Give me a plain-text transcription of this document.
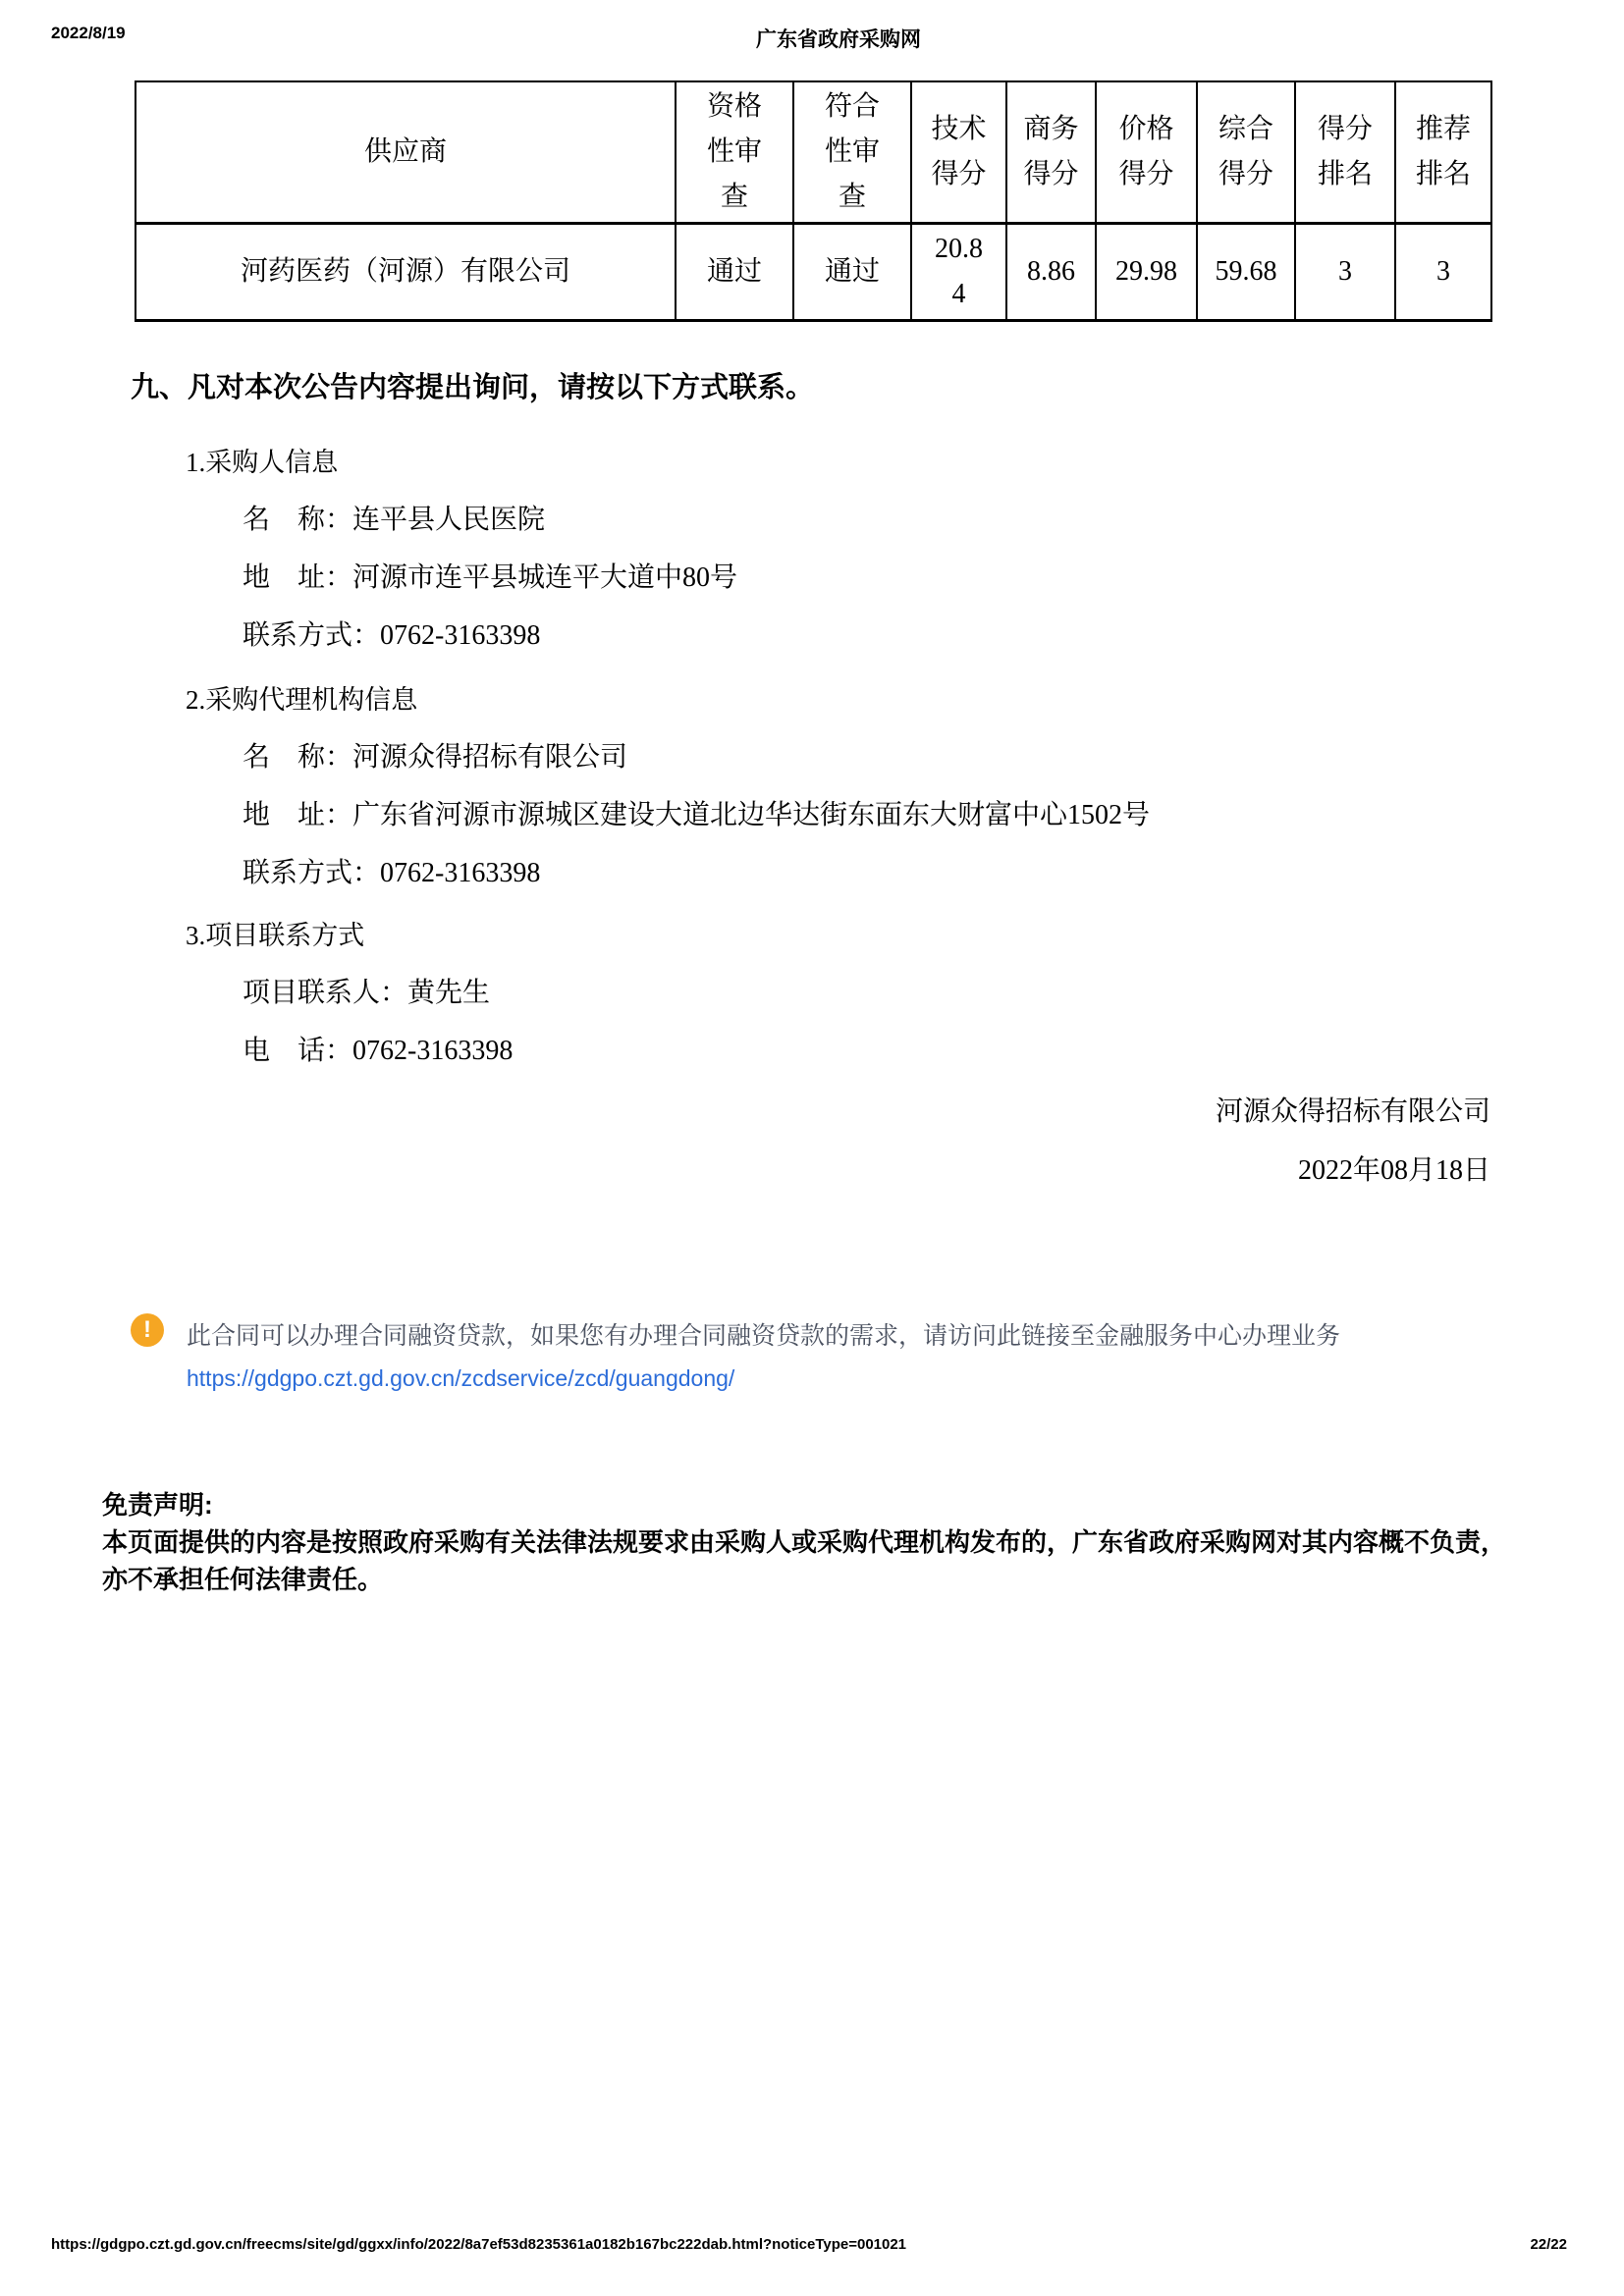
2022/8/19	广东省政府采购网
供应商	资格性审查	符合性审查	技术得分	商务得分	价格得分	综合得分	得分排名	推荐排名
河药医药（河源）有限公司	通过	通过	20.84	8.86	29.98	59.68	3	3
九、凡对本次公告内容提出询问，请按以下方式联系。
1.采购人信息
名　称：连平县人民医院
地　址：河源市连平县城连平大道中80号
联系方式：0762-3163398
2.采购代理机构信息
名　称：河源众得招标有限公司
地　址：广东省河源市源城区建设大道北边华达街东面东大财富中心1502号
联系方式：0762-3163398
3.项目联系方式
项目联系人：黄先生
电　话：0762-3163398
河源众得招标有限公司
2022年08月18日
!	此合同可以办理合同融资贷款，如果您有办理合同融资贷款的需求，请访问此链接至金融服务中心办理业务
https://gdgpo.czt.gd.gov.cn/zcdservice/zcd/guangdong/
免责声明:
本页面提供的内容是按照政府采购有关法律法规要求由采购人或采购代理机构发布的，广东省政府采购网对其内容概不负责，亦不承担任何法律责任。
https://gdgpo.czt.gd.gov.cn/freecms/site/gd/ggxx/info/2022/8a7ef53d8235361a0182b167bc222dab.html?noticeType=001021	22/22
